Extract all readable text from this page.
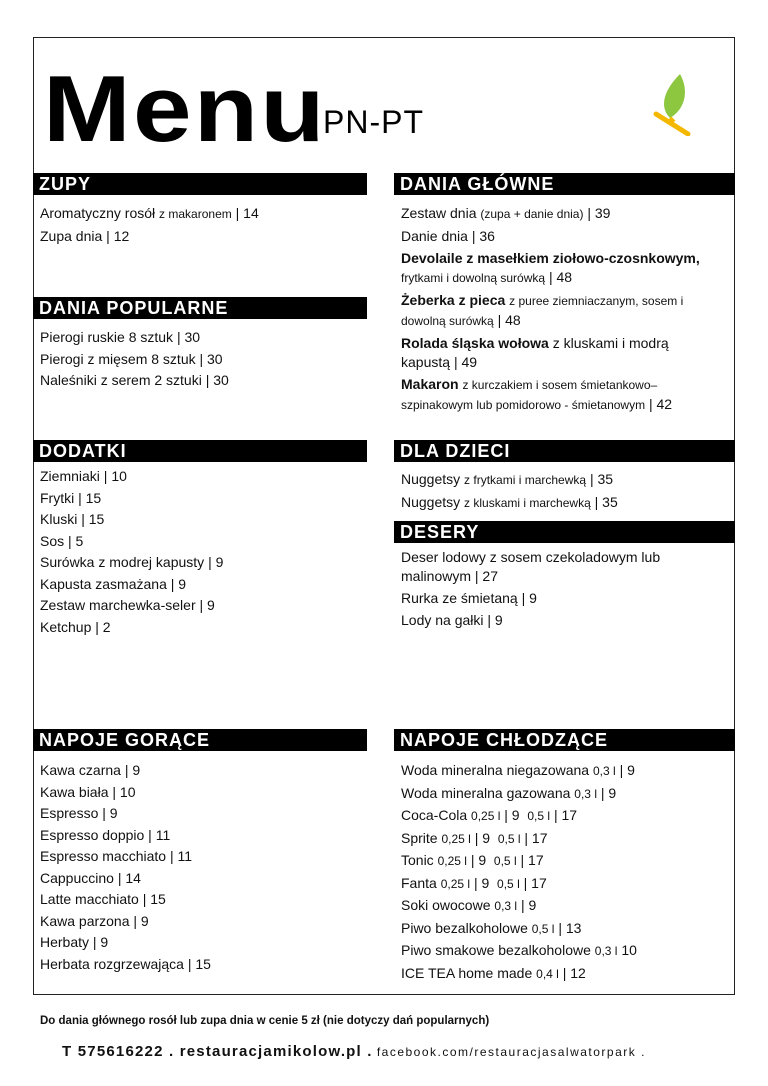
Menu
PN-PT
ZUPY
Aromatyczny rosół z makaronem | 14
Zupa dnia | 12
DANIA POPULARNE
Pierogi ruskie 8 sztuk | 30
Pierogi z mięsem 8 sztuk | 30
Naleśniki z serem 2 sztuki | 30
DODATKI
Ziemniaki | 10
Frytki | 15
Kluski | 15
Sos | 5
Surówka z modrej kapusty | 9
Kapusta zasmażana | 9
Zestaw marchewka-seler | 9
Ketchup | 2
NAPOJE GORĄCE
Kawa czarna | 9
Kawa biała | 10
Espresso | 9
Espresso doppio | 11
Espresso macchiato | 11
Cappuccino | 14
Latte macchiato | 15
Kawa parzona | 9
Herbaty | 9
Herbata rozgrzewająca | 15
DANIA GŁÓWNE
Zestaw dnia (zupa + danie dnia) | 39
Danie dnia | 36
Devolaile z masełkiem ziołowo-czosnkowym, frytkami i dowolną surówką | 48
Żeberka z pieca z puree ziemniaczanym, sosem i dowolną surówką | 48
Rolada śląska wołowa z kluskami i modrą kapustą | 49
Makaron z kurczakiem i sosem śmietankowo–szpinakowym lub pomidorowo - śmietanowym | 42
DLA DZIECI
Nuggetsy z frytkami i marchewką | 35
Nuggetsy z kluskami i marchewką | 35
DESERY
Deser lodowy z sosem czekoladowym lub malinowym | 27
Rurka ze śmietaną | 9
Lody na gałki | 9
NAPOJE CHŁODZĄCE
Woda mineralna niegazowana 0,3 l | 9
Woda mineralna gazowana 0,3 l | 9
Coca-Cola 0,25 l | 9 0,5 l | 17
Sprite 0,25 l | 9 0,5 l | 17
Tonic 0,25 l | 9 0,5 l | 17
Fanta 0,25 l | 9 0,5 l | 17
Soki owocowe 0,3 l | 9
Piwo bezalkoholowe 0,5 l | 13
Piwo smakowe bezalkoholowe 0,3 l 10
ICE TEA home made 0,4 l | 12
Do dania głównego rosół lub zupa dnia w cenie 5 zł (nie dotyczy dań popularnych)
T 575616222 . restauracjamikolow.pl . facebook.com/restauracjasalwatorpark .
